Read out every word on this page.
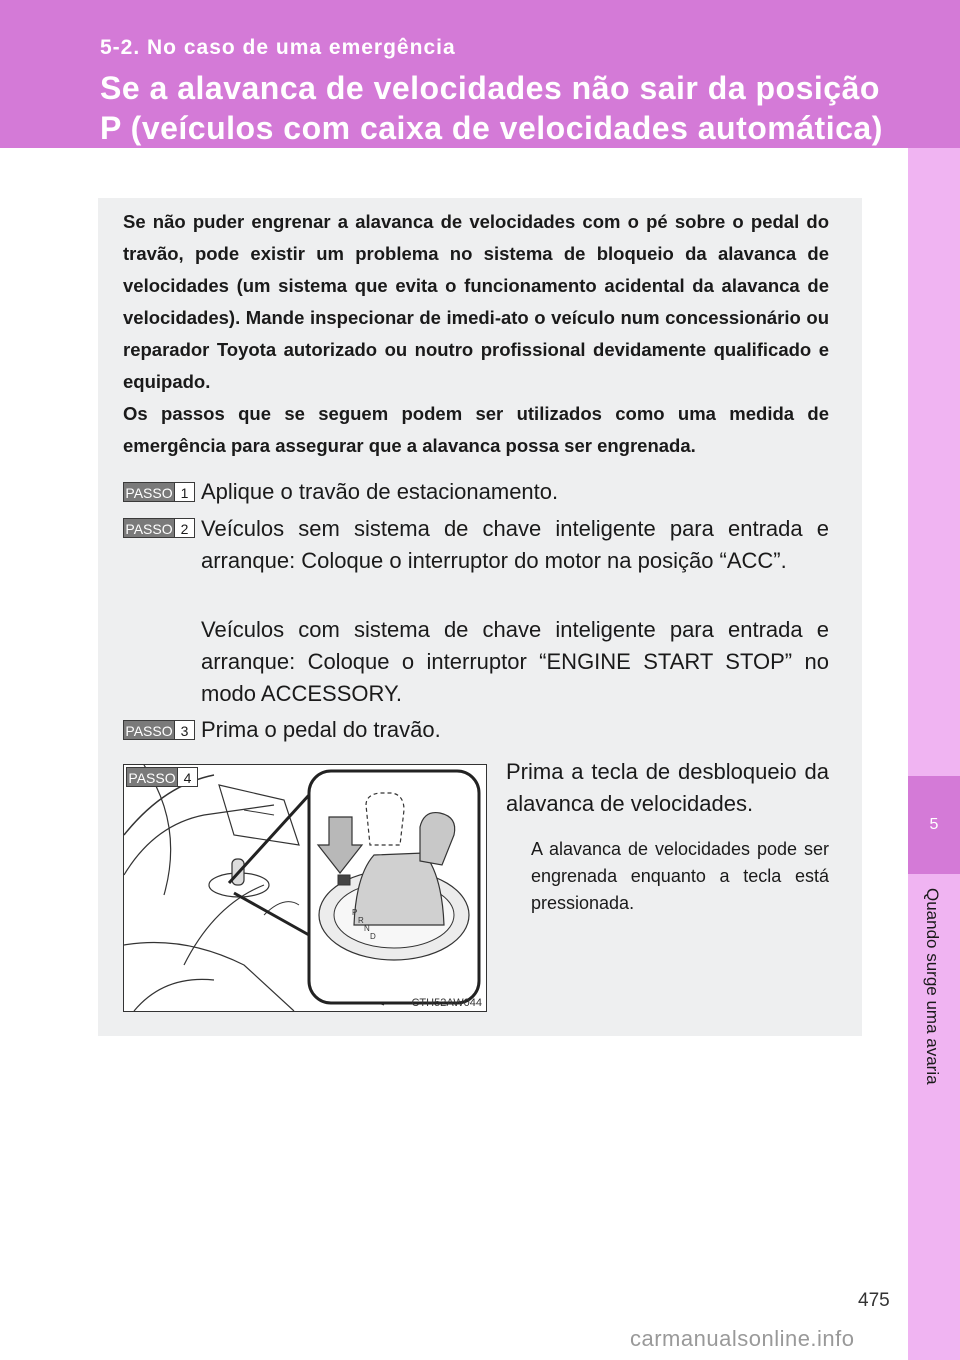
5-2. No caso de uma emergência
Se a alavanca de velocidades não sair da posição P (veículos com caixa de velocidades automática)
5
Quando surge uma avaria

Se não puder engrenar a alavanca de velocidades com o pé sobre o pedal do travão, pode existir um problema no sistema de bloqueio da alavanca de velocidades (um sistema que evita o funcionamento acidental da alavanca de velocidades). Mande inspecionar de imedi-ato o veículo num concessionário ou reparador Toyota autorizado ou noutro profissional devidamente qualificado e equipado.

Os passos que se seguem podem ser utilizados como uma medida de emergência para assegurar que a alavanca possa ser engrenada.

PASSO 1 Aplique o travão de estacionamento.

PASSO 2 Veículos sem sistema de chave inteligente para entrada e arranque: Coloque o interruptor do motor na posição “ACC”.

Veículos com sistema de chave inteligente para entrada e arranque: Coloque o interruptor “ENGINE START STOP” no modo ACCESSORY.

PASSO 3 Prima o pedal do travão.

P
R
N
D
PASSO 4
CTH52AW044

Prima a tecla de desbloqueio da alavanca de velocidades.

A alavanca de velocidades pode ser engrenada enquanto a tecla está pressionada.

475
carmanualsonline.info
